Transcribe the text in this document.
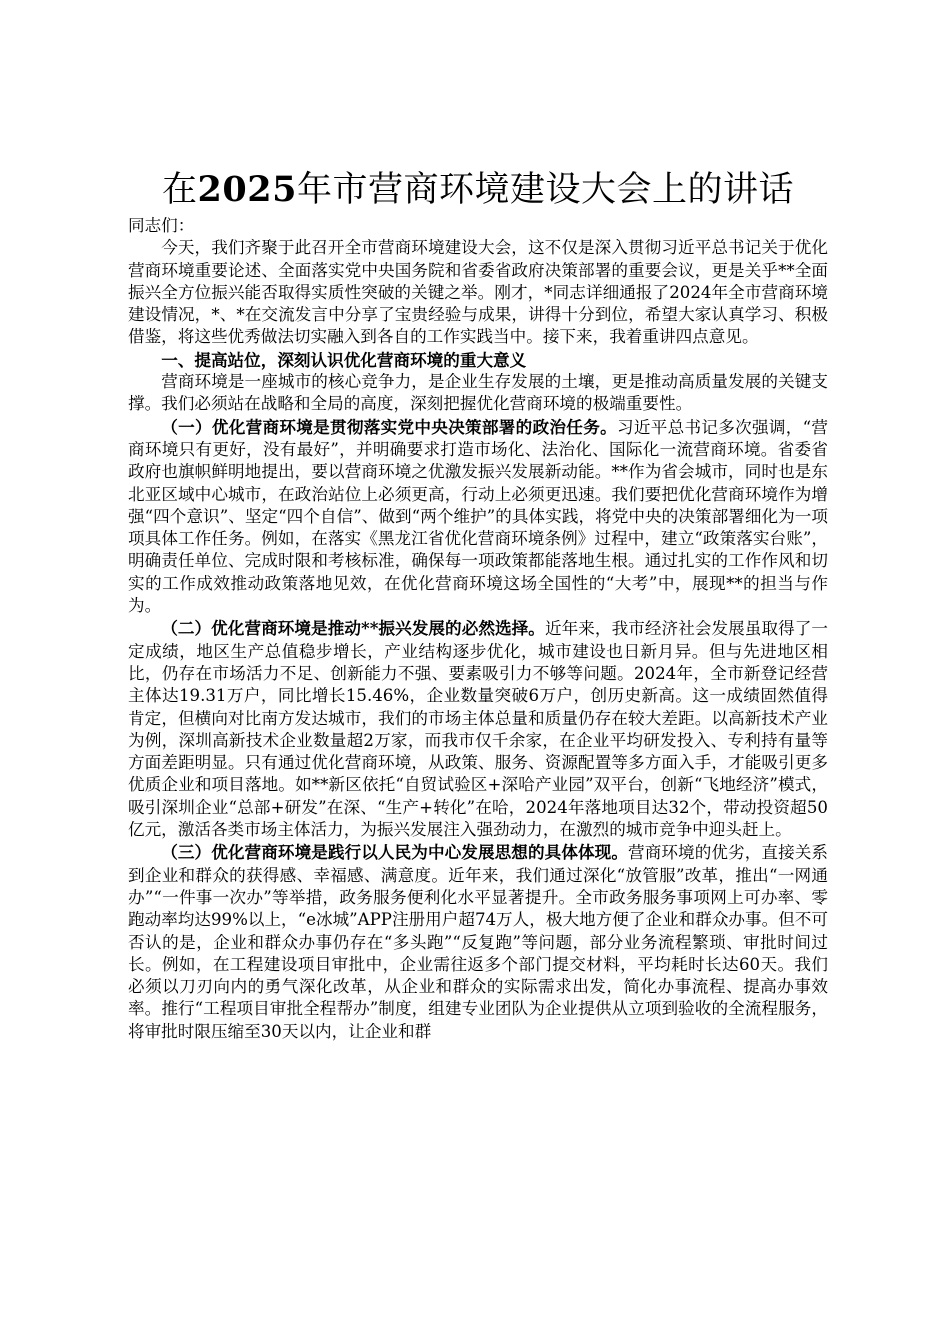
在2025年市营商环境建设大会上的讲话

同志们：

今天，我们齐聚于此召开全市营商环境建设大会，这不仅是深入贯彻习近平总书记关于优化营商环境重要论述、全面落实党中央国务院和省委省政府决策部署的重要会议，更是关乎**全面振兴全方位振兴能否取得实质性突破的关键之举。刚才，*同志详细通报了2024年全市营商环境建设情况，*、*在交流发言中分享了宝贵经验与成果，讲得十分到位，希望大家认真学习、积极借鉴，将这些优秀做法切实融入到各自的工作实践当中。接下来，我着重讲四点意见。

一、提高站位，深刻认识优化营商环境的重大意义

营商环境是一座城市的核心竞争力，是企业生存发展的土壤，更是推动高质量发展的关键支撑。我们必须站在战略和全局的高度，深刻把握优化营商环境的极端重要性。

（一）优化营商环境是贯彻落实党中央决策部署的政治任务。习近平总书记多次强调，“营商环境只有更好，没有最好”，并明确要求打造市场化、法治化、国际化一流营商环境。省委省政府也旗帜鲜明地提出，要以营商环境之优激发振兴发展新动能。**作为省会城市，同时也是东北亚区域中心城市，在政治站位上必须更高，行动上必须更迅速。我们要把优化营商环境作为增强“四个意识”、坚定“四个自信”、做到“两个维护”的具体实践，将党中央的决策部署细化为一项项具体工作任务。例如，在落实《黑龙江省优化营商环境条例》过程中，建立“政策落实台账”，明确责任单位、完成时限和考核标准，确保每一项政策都能落地生根。通过扎实的工作作风和切实的工作成效推动政策落地见效，在优化营商环境这场全国性的“大考”中，展现**的担当与作为。

（二）优化营商环境是推动**振兴发展的必然选择。近年来，我市经济社会发展虽取得了一定成绩，地区生产总值稳步增长，产业结构逐步优化，城市建设也日新月异。但与先进地区相比，仍存在市场活力不足、创新能力不强、要素吸引力不够等问题。2024年，全市新登记经营主体达19.31万户，同比增长15.46%，企业数量突破6万户，创历史新高。这一成绩固然值得肯定，但横向对比南方发达城市，我们的市场主体总量和质量仍存在较大差距。以高新技术产业为例，深圳高新技术企业数量超2万家，而我市仅千余家，在企业平均研发投入、专利持有量等方面差距明显。只有通过优化营商环境，从政策、服务、资源配置等多方面入手，才能吸引更多优质企业和项目落地。如**新区依托“自贸试验区+深哈产业园”双平台，创新“飞地经济”模式，吸引深圳企业“总部+研发”在深、“生产+转化”在哈，2024年落地项目达32个，带动投资超50亿元，激活各类市场主体活力，为振兴发展注入强劲动力，在激烈的城市竞争中迎头赶上。

（三）优化营商环境是践行以人民为中心发展思想的具体体现。营商环境的优劣，直接关系到企业和群众的获得感、幸福感、满意度。近年来，我们通过深化“放管服”改革，推出“一网通办”“一件事一次办”等举措，政务服务便利化水平显著提升。全市政务服务事项网上可办率、零跑动率均达99%以上，“e冰城”APP注册用户超74万人，极大地方便了企业和群众办事。但不可否认的是，企业和群众办事仍存在“多头跑”“反复跑”等问题，部分业务流程繁琐、审批时间过长。例如，在工程建设项目审批中，企业需往返多个部门提交材料，平均耗时长达60天。我们必须以刀刃向内的勇气深化改革，从企业和群众的实际需求出发，简化办事流程、提高办事效率。推行“工程项目审批全程帮办”制度，组建专业团队为企业提供从立项到验收的全流程服务，将审批时限压缩至30天以内，让企业和群
